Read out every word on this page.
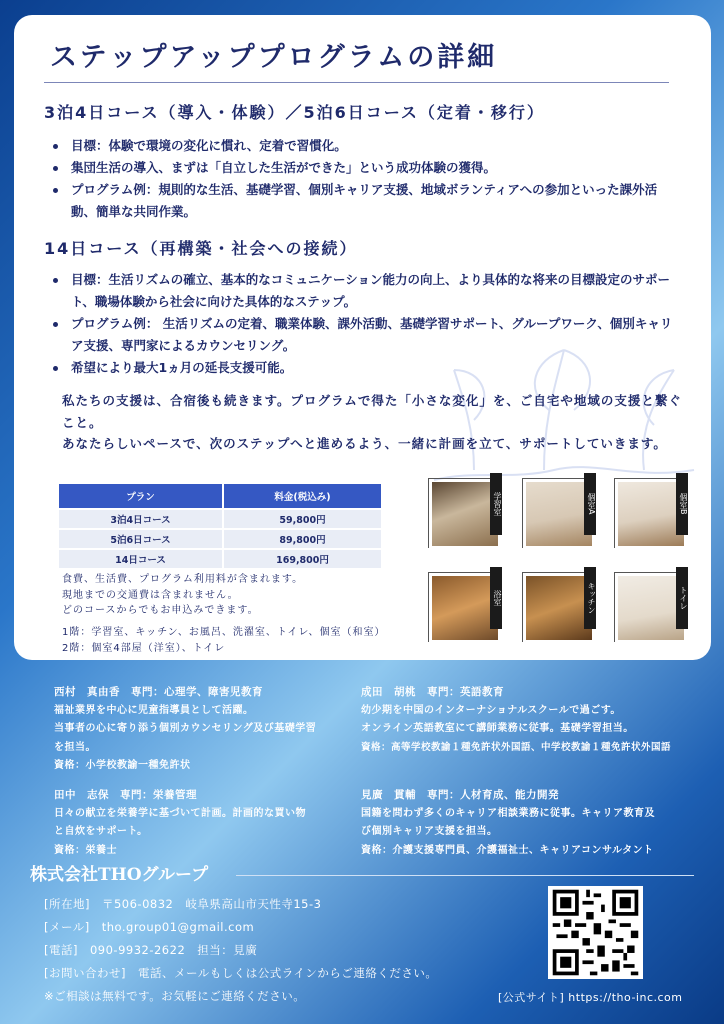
ステップアッププログラムの詳細
3泊4日コース（導入・体験）／5泊6日コース（定着・移行）
目標：体験で環境の変化に慣れ、定着で習慣化。
集団生活の導入、まずは「自立した生活ができた」という成功体験の獲得。
プログラム例：規則的な生活、基礎学習、個別キャリア支援、地域ボランティアへの参加といった課外活動、簡単な共同作業。
14日コース（再構築・社会への接続）
目標：生活リズムの確立、基本的なコミュニケーション能力の向上、より具体的な将来の目標設定のサポート、職場体験から社会に向けた具体的なステップ。
プログラム例： 生活リズムの定着、職業体験、課外活動、基礎学習サポート、グループワーク、個別キャリア支援、専門家によるカウンセリング。
希望により最大1ヵ月の延長支援可能。

私たちの支援は、合宿後も続きます。プログラムで得た「小さな変化」を、ご自宅や地域の支援と繋ぐこと。

あなたらしいペースで、次のステップへと進めるよう、一緒に計画を立て、サポートしていきます。

プラン	料金(税込み)
3泊4日コース	59,800円
5泊6日コース	89,800円
14日コース	169,800円

食費、生活費、プログラム利用料が含まれます。

現地までの交通費は含まれません。

どのコースからでもお申込みできます。

1階：学習室、キッチン、お風呂、洗濯室、トイレ、個室（和室）

2階：個室4部屋（洋室）、トイレ

学習室	個室A	個室B
浴室	キッチン	トイレ

西村　真由香　専門：心理学、障害児教育

福祉業界を中心に児童指導員として活躍。

当事者の心に寄り添う個別カウンセリング及び基礎学習

を担当。

資格：小学校教諭一種免許状

成田　胡桃　専門：英語教育

幼少期を中国のインターナショナルスクールで過ごす。

オンライン英語教室にて講師業務に従事。基礎学習担当。

資格：高等学校教諭１種免許状外国語、中学校教諭１種免許状外国語

田中　志保　専門：栄養管理

日々の献立を栄養学に基づいて計画。計画的な買い物

と自炊をサポート。

資格：栄養士

見廣　貫輔　専門：人材育成、能力開発

国籍を問わず多くのキャリア相談業務に従事。キャリア教育及

び個別キャリア支援を担当。

資格：介護支援専門員、介護福祉士、キャリアコンサルタント

株式会社THOグループ

[所在地]　〒506-0832　岐阜県高山市天性寺15-3

[メール]　tho.group01@gmail.com

[電話]　090-9932-2622　担当：見廣

[お問い合わせ]　電話、メールもしくは公式ラインからご連絡ください。

※ご相談は無料です。お気軽にご連絡ください。	[公式サイト] https://tho-inc.com
